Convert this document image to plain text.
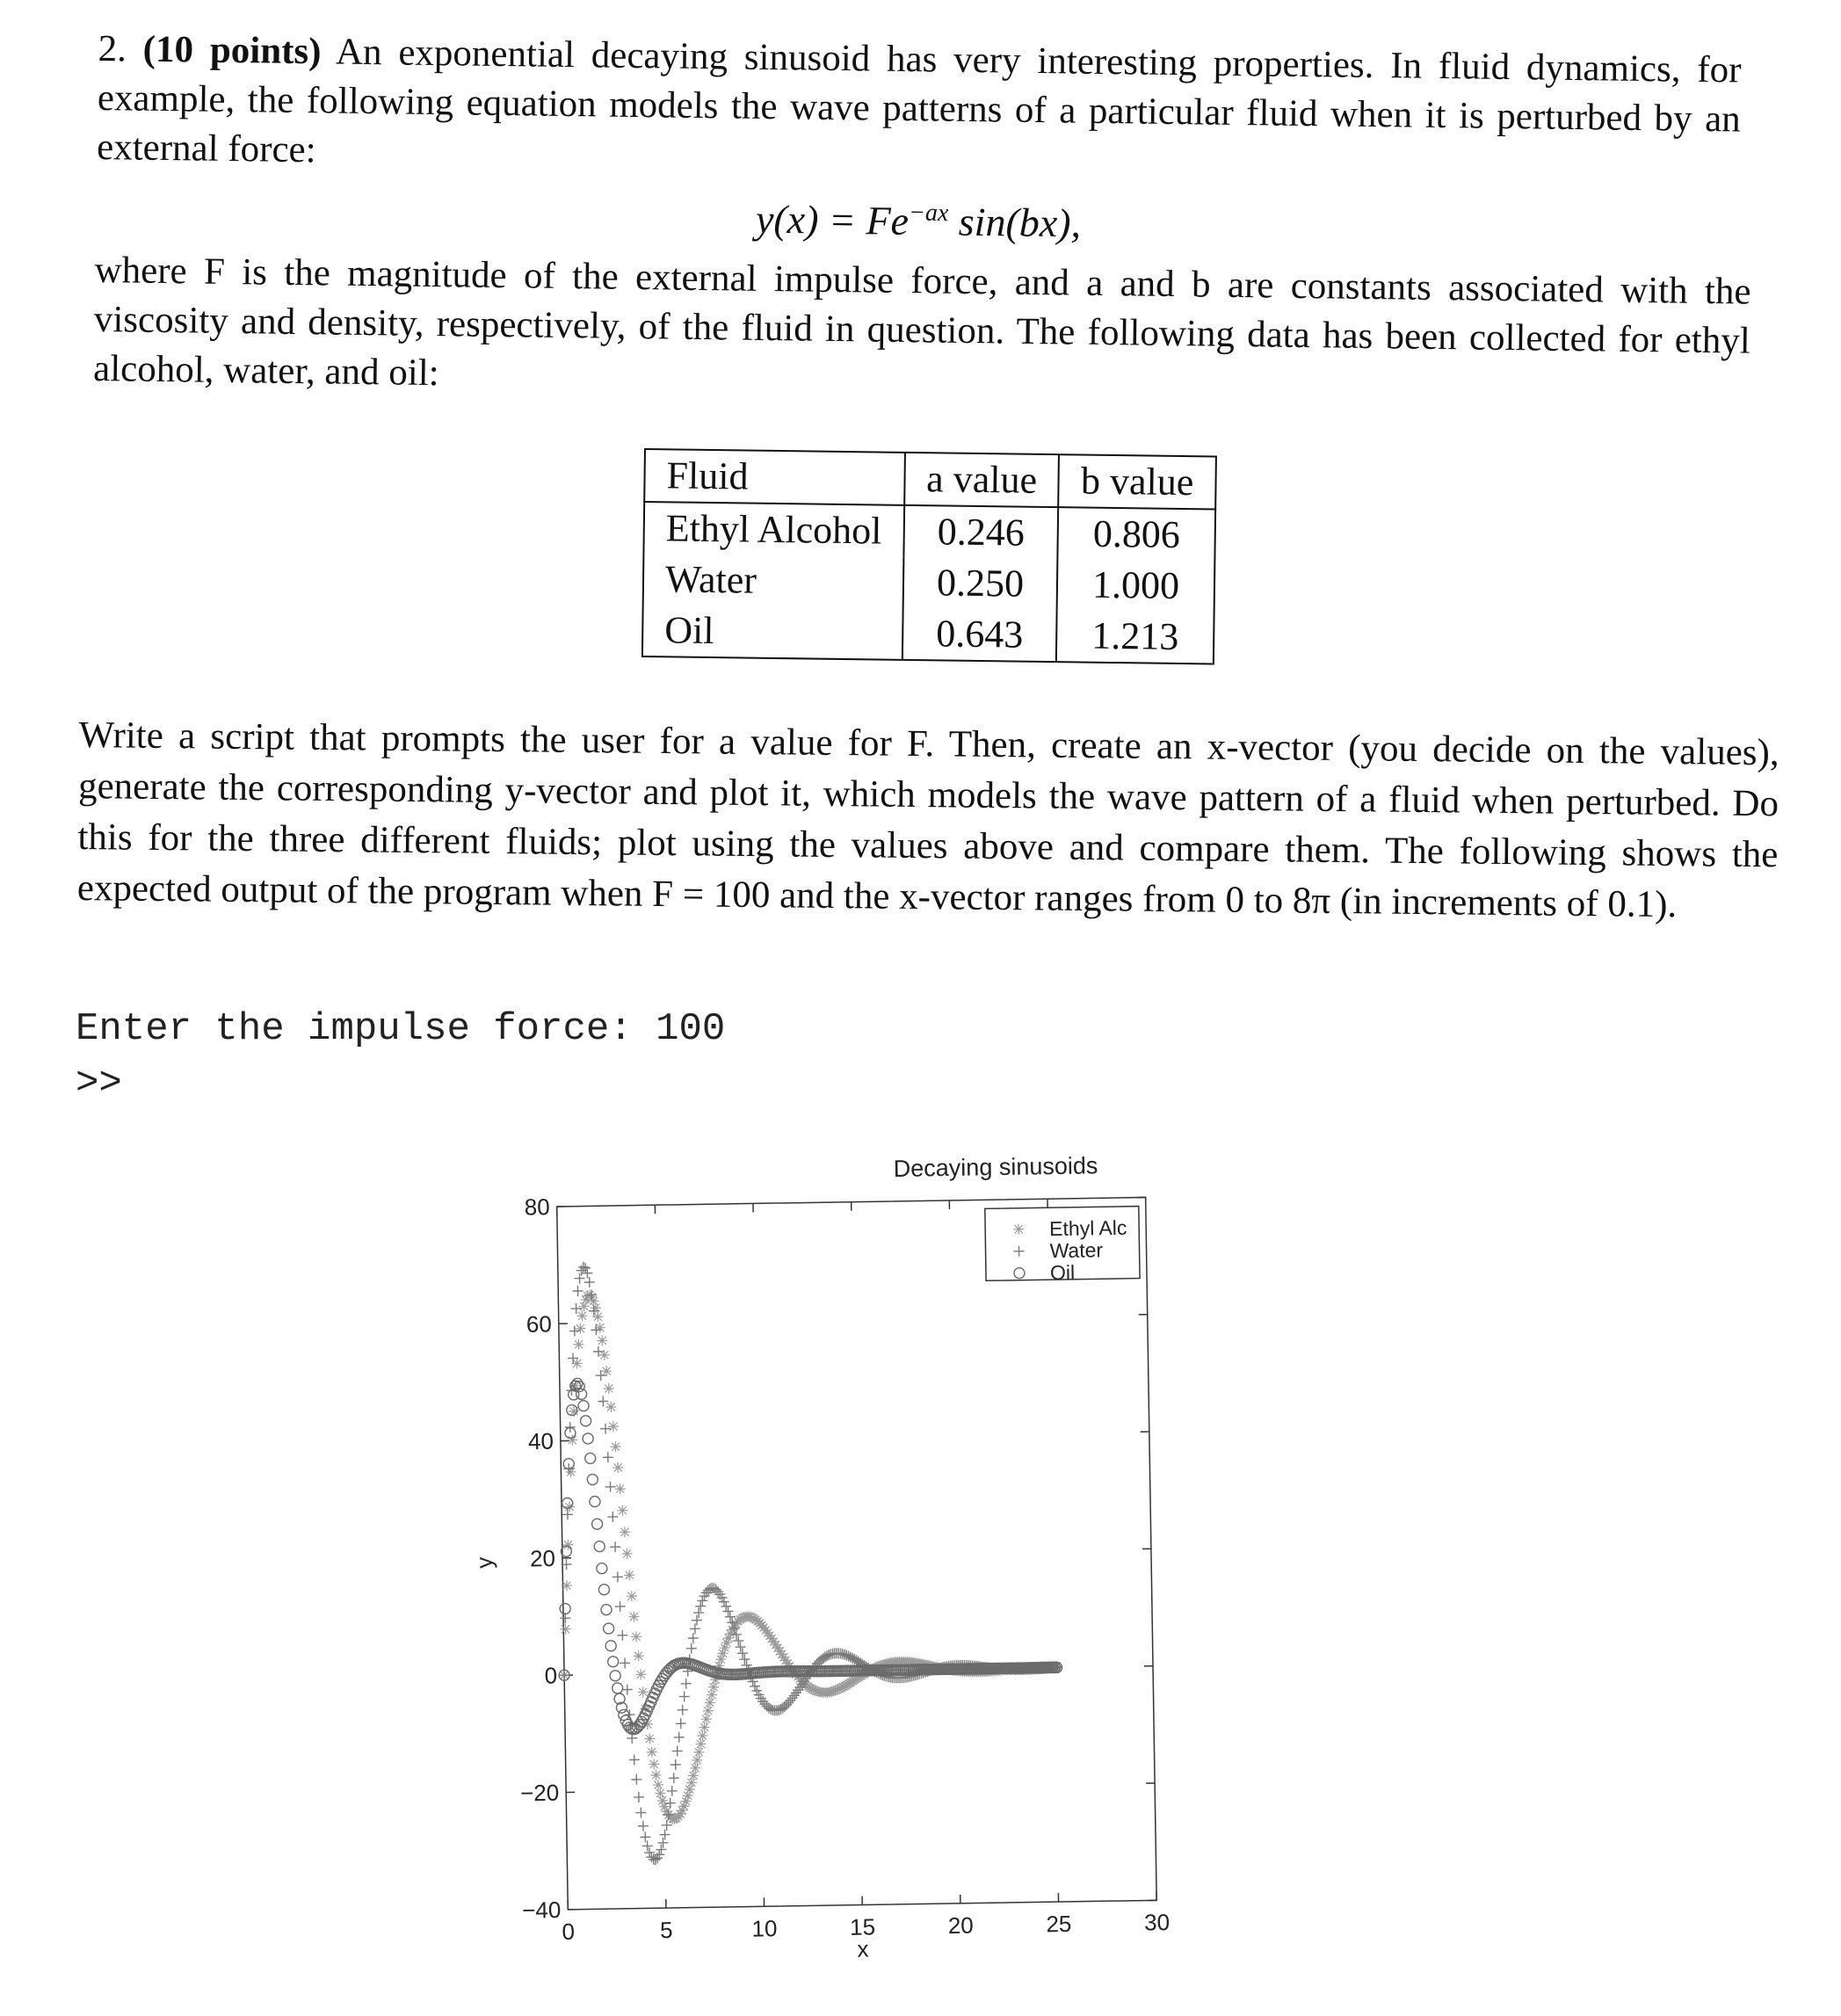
2. (10 points) An exponential decaying sinusoid has very interesting properties. In fluid dynamics, for example, the following equation models the wave patterns of a particular fluid when it is perturbed by an external force:
$y(x) = Fe^{-ax}$ sin(bx),
where F is the magnitude of the external impulse force, and a and b are constants associated with the viscosity and density, respectively, of the fluid in question. The following data has been collected for ethyl alcohol, water, and oil:
Fluid	a value	b value
Ethyl Alcohol	0.246	0.806
Water	0.250	1.000
Oil	0.643	1.213
Write a script that prompts the user for a value for F. Then, create an x-vector (you decide on the values), generate the corresponding y-vector and plot it, which models the wave pattern of a fluid when perturbed. Do this for the three different fluids; plot using the values above and compare them. The following shows the expected output of the program when F = 100 and the x-vector ranges from 0 to 8π (in increments of 0.1).
Enter the impulse force: 100
>>
Decaying sinusoids
0	5	10	15	20	25	30
−40
−20
0
20
40
60
80
x
y
Ethyl Alc
Water
Oil
